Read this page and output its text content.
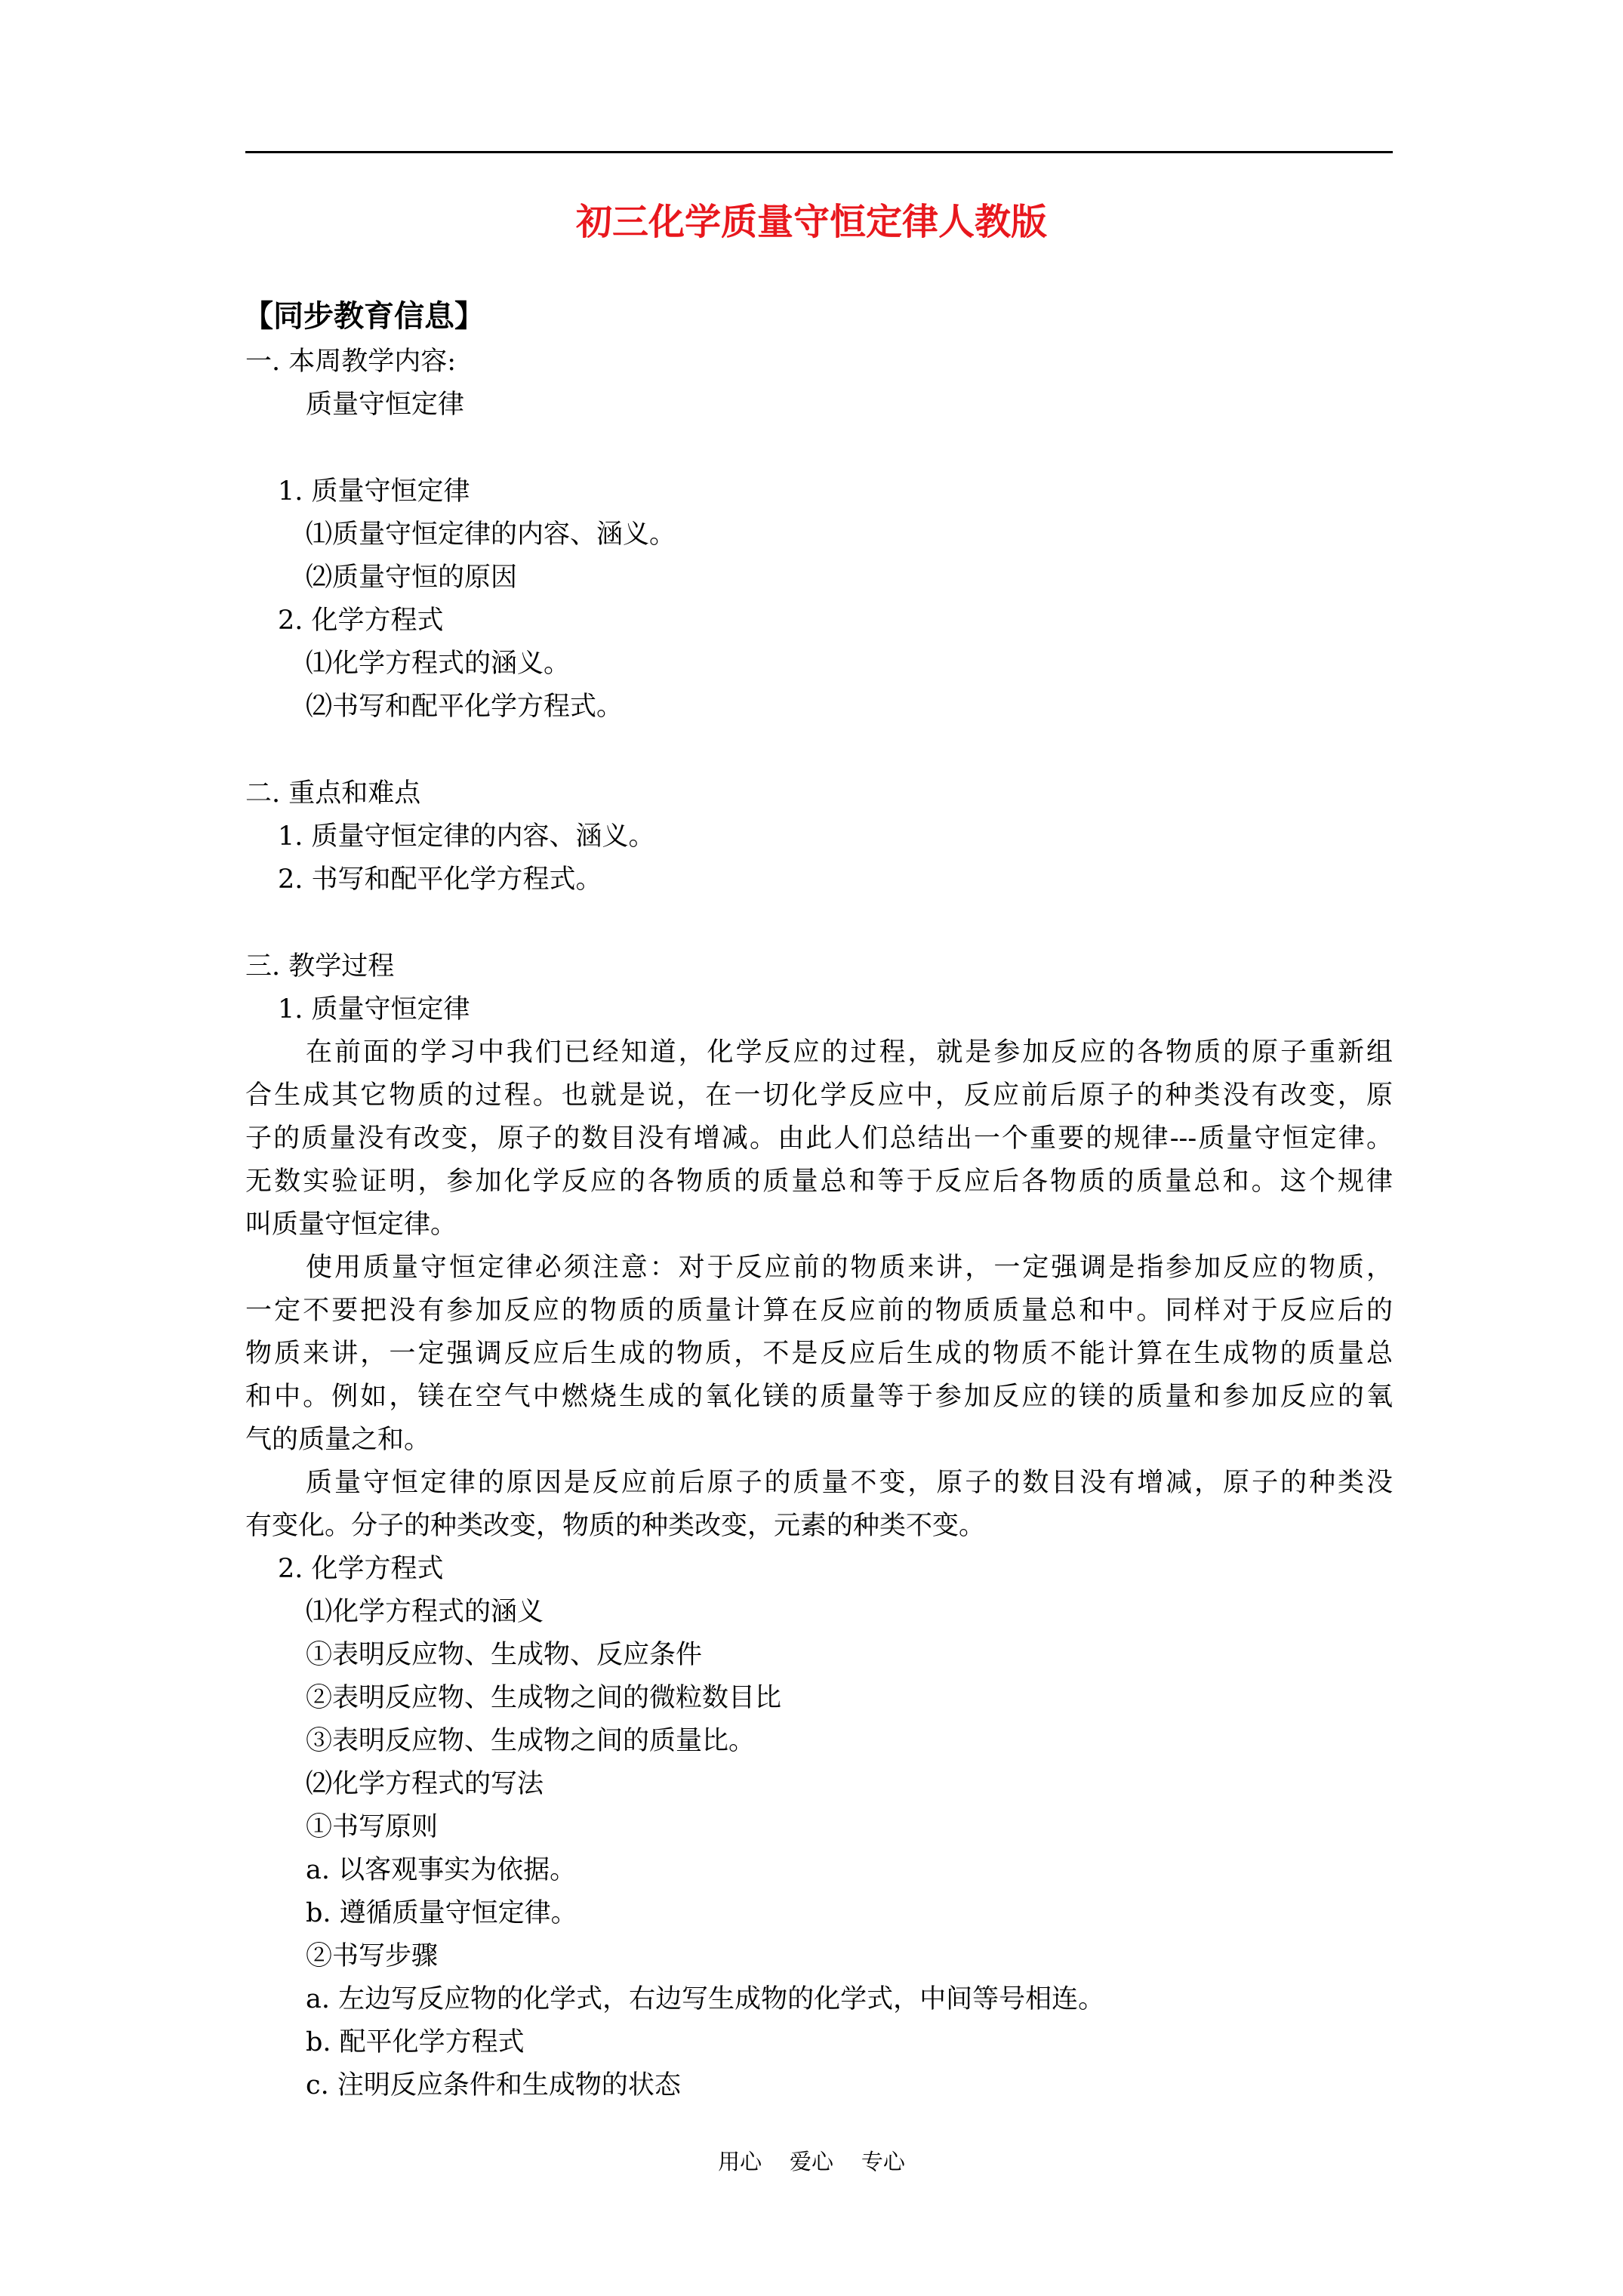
初三化学质量守恒定律人教版
【同步教育信息】
一. 本周教学内容:
质量守恒定律
1. 质量守恒定律
⑴质量守恒定律的内容、涵义。
⑵质量守恒的原因
2. 化学方程式
⑴化学方程式的涵义。
⑵书写和配平化学方程式。
二. 重点和难点
1. 质量守恒定律的内容、涵义。
2. 书写和配平化学方程式。
三. 教学过程
1. 质量守恒定律
在前面的学习中我们已经知道，化学反应的过程，就是参加反应的各物质的原子重新组
合生成其它物质的过程。也就是说，在一切化学反应中，反应前后原子的种类没有改变，原
子的质量没有改变，原子的数目没有增减。由此人们总结出一个重要的规律---质量守恒定律。
无数实验证明，参加化学反应的各物质的质量总和等于反应后各物质的质量总和。这个规律
叫质量守恒定律。
使用质量守恒定律必须注意：对于反应前的物质来讲，一定强调是指参加反应的物质，
一定不要把没有参加反应的物质的质量计算在反应前的物质质量总和中。同样对于反应后的
物质来讲，一定强调反应后生成的物质，不是反应后生成的物质不能计算在生成物的质量总
和中。例如，镁在空气中燃烧生成的氧化镁的质量等于参加反应的镁的质量和参加反应的氧
气的质量之和。
质量守恒定律的原因是反应前后原子的质量不变，原子的数目没有增减，原子的种类没
有变化。分子的种类改变，物质的种类改变，元素的种类不变。
2. 化学方程式
⑴化学方程式的涵义
①表明反应物、生成物、反应条件
②表明反应物、生成物之间的微粒数目比
③表明反应物、生成物之间的质量比。
⑵化学方程式的写法
①书写原则
a. 以客观事实为依据。
b. 遵循质量守恒定律。
②书写步骤
a. 左边写反应物的化学式，右边写生成物的化学式，中间等号相连。
b. 配平化学方程式
c. 注明反应条件和生成物的状态
用心    爱心    专心
